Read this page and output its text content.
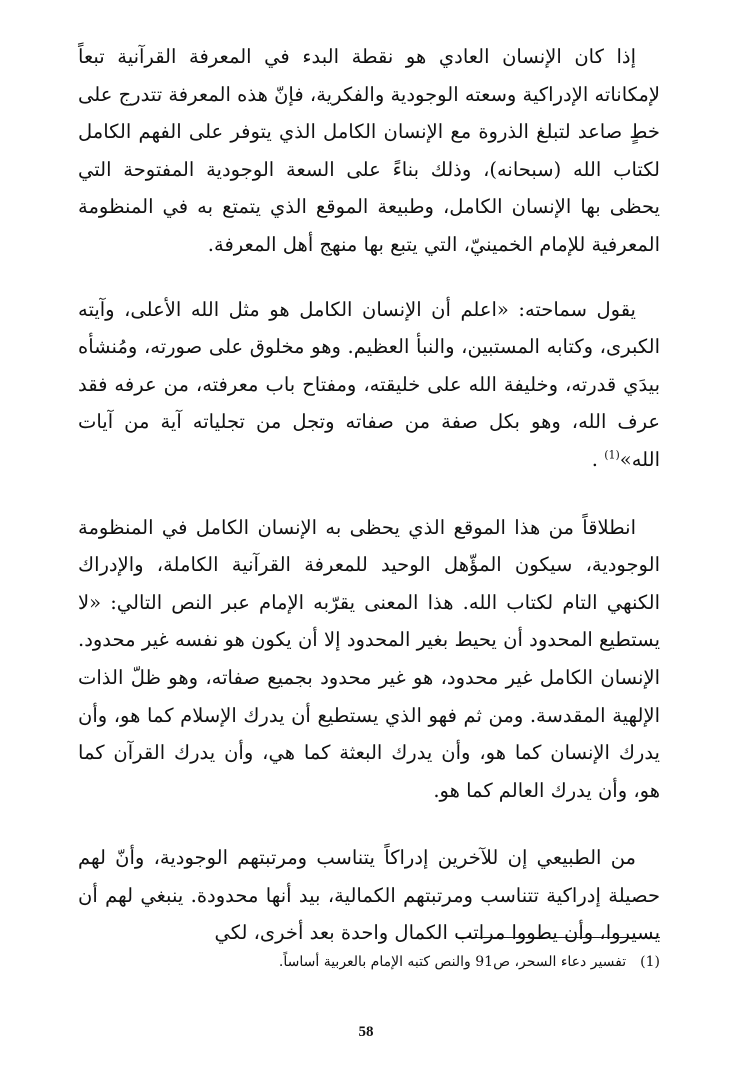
إذا كان الإنسان العادي هو نقطة البدء في المعرفة القرآنية تبعاً لإمكاناته الإدراكية وسعته الوجودية والفكرية، فإنّ هذه المعرفة تتدرج على خطٍ صاعد لتبلغ الذروة مع الإنسان الكامل الذي يتوفر على الفهم الكامل لكتاب الله (سبحانه)، وذلك بناءً على السعة الوجودية المفتوحة التي يحظى بها الإنسان الكامل، وطبيعة الموقع الذي يتمتع به في المنظومة المعرفية للإمام الخمينيّ، التي يتبع بها منهج أهل المعرفة.

يقول سماحته: «اعلم أن الإنسان الكامل هو مثل الله الأعلى، وآيته الكبرى، وكتابه المستبين، والنبأ العظيم. وهو مخلوق على صورته، ومُنشأه بيدَي قدرته، وخليفة الله على خليقته، ومفتاح باب معرفته، من عرفه فقد عرف الله، وهو بكل صفة من صفاته وتجل من تجلياته آية من آيات الله»$^{(1)}$ .

انطلاقاً من هذا الموقع الذي يحظى به الإنسان الكامل في المنظومة الوجودية، سيكون المؤّهل الوحيد للمعرفة القرآنية الكاملة، والإدراك الكنهي التام لكتاب الله. هذا المعنى يقرّبه الإمام عبر النص التالي: «لا يستطيع المحدود أن يحيط بغير المحدود إلا أن يكون هو نفسه غير محدود. الإنسان الكامل غير محدود، هو غير محدود بجميع صفاته، وهو ظلّ الذات الإلهية المقدسة. ومن ثم فهو الذي يستطيع أن يدرك الإسلام كما هو، وأن يدرك الإنسان كما هو، وأن يدرك البعثة كما هي، وأن يدرك القرآن كما هو، وأن يدرك العالم كما هو.

من الطبيعي إن للآخرين إدراكاً يتناسب ومرتبتهم الوجودية، وأنّ لهم حصيلة إدراكية تتناسب ومرتبتهم الكمالية، بيد أنها محدودة. ينبغي لهم أن يسيروا، وأن يطووا مراتب الكمال واحدة بعد أخرى، لكي

(1)تفسير دعاء السحر، ص91 والنص كتبه الإمام بالعربية أساساً.
58
